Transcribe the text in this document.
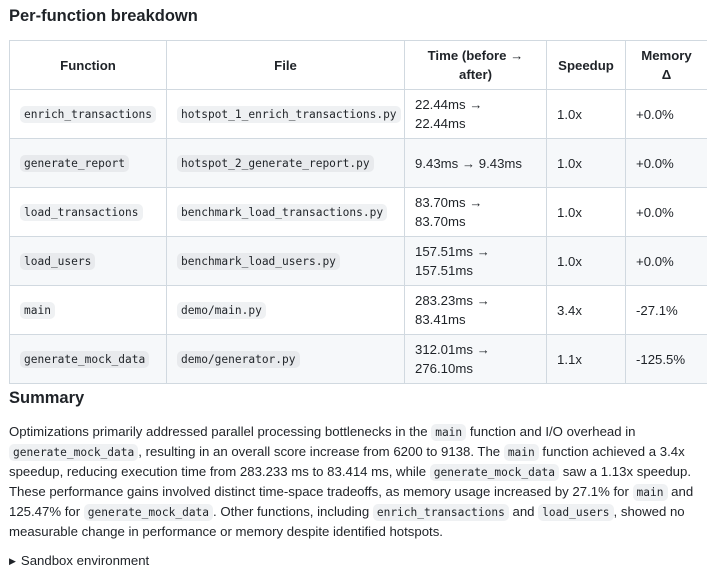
Per-function breakdown
Function	File	Time (before → after)	Speedup	Memory Δ
enrich_transactions	hotspot_1_enrich_transactions.py	22.44ms → 22.44ms	1.0x	+0.0%
generate_report	hotspot_2_generate_report.py	9.43ms → 9.43ms	1.0x	+0.0%
load_transactions	benchmark_load_transactions.py	83.70ms → 83.70ms	1.0x	+0.0%
load_users	benchmark_load_users.py	157.51ms → 157.51ms	1.0x	+0.0%
main	demo/main.py	283.23ms → 83.41ms	3.4x	-27.1%
generate_mock_data	demo/generator.py	312.01ms → 276.10ms	1.1x	-125.5%
Summary

Optimizations primarily addressed parallel processing bottlenecks in the main function and I/O overhead in generate_mock_data , resulting in an overall score increase from 6200 to 9138. The main function achieved a 3.4x speedup, reducing execution time from 283.233 ms to 83.414 ms, while generate_mock_data saw a 1.13x speedup. These performance gains involved distinct time-space tradeoffs, as memory usage increased by 27.1% for main and 125.47% for generate_mock_data . Other functions, including enrich_transactions and load_users , showed no measurable change in performance or memory despite identified hotspots.

▶ Sandbox environment
